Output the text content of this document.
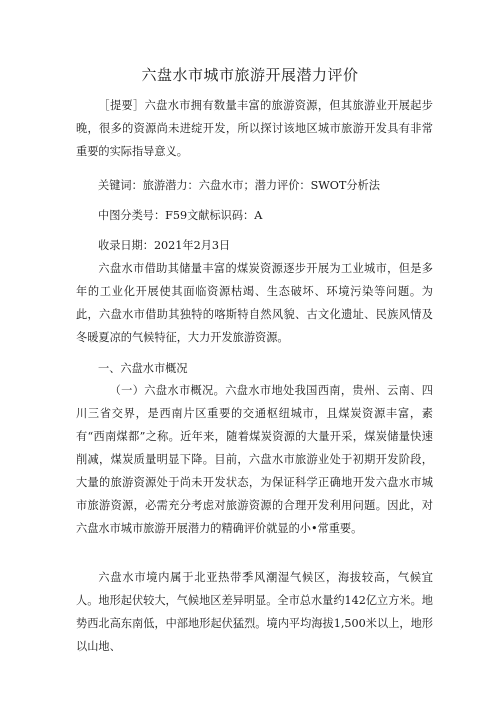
六盘水市城市旅游开展潜力评价
［提要］六盘水市拥有数量丰富的旅游资源，但其旅游业开展起步晚，很多的资源尚未进绽开发，所以探讨该地区城市旅游开发具有非常重要的实际指导意义。
关键词：旅游潜力：六盘水市；潜力评价：SWOT分析法
中图分类号：F59文献标识码：A
收录日期：2021年2月3日
六盘水市借助其储量丰富的煤炭资源逐步开展为工业城市，但是多年的工业化开展使其面临资源枯竭、生态破坏、环境污染等问题。为此，六盘水市借助其独特的喀斯特自然风貌、古文化遗址、民族风情及冬暖夏凉的气候特征，大力开发旅游资源。
一、六盘水市概况
（一）六盘水市概况。六盘水市地处我国西南，贵州、云南、四川三省交界，是西南片区重要的交通枢纽城市，且煤炭资源丰富，素有“西南煤都”之称。近年来，随着煤炭资源的大量开采，煤炭储量快速削减，煤炭质量明显下降。目前，六盘水市旅游业处于初期开发阶段，大量的旅游资源处于尚未开发状态，为保证科学正确地开发六盘水市城市旅游资源，必需充分考虑对旅游资源的合理开发利用问题。因此，对六盘水市城市旅游开展潜力的精确评价就显的小•常重要。
六盘水市境内属于北亚热带季风潮湿气候区，海拔较高，气候宜人。地形起伏较大，气候地区差异明显。全市总水量约142亿立方米。地势西北高东南低，中部地形起伏猛烈。境内平均海拔1,500米以上，地形以山地、
